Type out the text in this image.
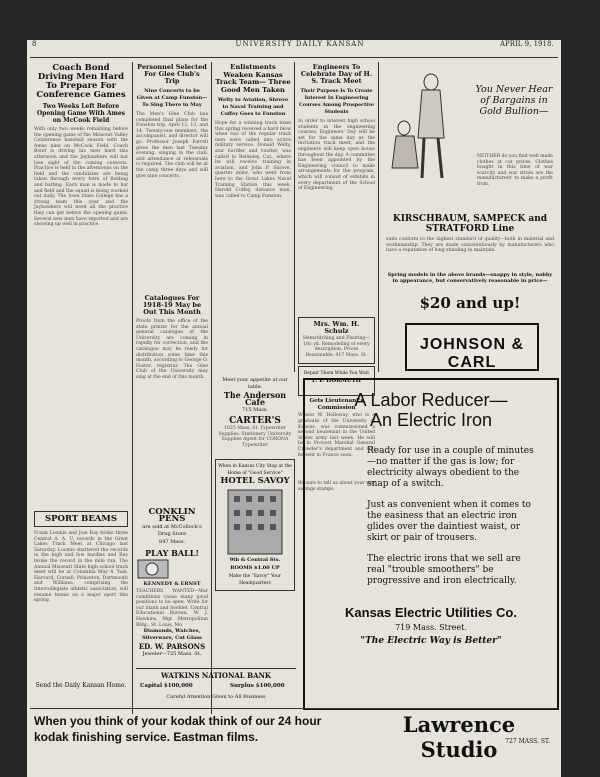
8	UNIVERSITY DAILY KANSAN	APRIL 9, 1918.
Coach Bond Driving Men Hard To Prepare For Conference Games
Two Weeks Left Before Opening Game With Ames on McCook Field
With only two weeks remaining before the opening game of the Missouri Valley Conference baseball season with the Ames nine on McCook Field, Coach Bond is driving his men hard this afternoon and the Jayhawkers will not lose sight of the coming contests. Practice is held in the afternoons on the field and the candidates are being taken through every form of fielding and batting. Each man is made to bat and field and the squad is being worked out daily. The Iowa State College has a strong team this year and the Jayhawkers will need all the practice they can get before the opening game. Several new men have reported and are showing up well in practice.
SPORT BEAMS
Frank Loomis and Joie Ray broke three Central A. A. U. records in the Great Lakes Track Meet at Chicago last Saturday. Loomis shattered the records in the high and low hurdles and Ray broke the record in the mile run. The Annual Missouri State high school track meet will be at Columbia May 4. Yale, Harvard, Cornell, Princeton, Dartmouth and Williams, comprising the Intercollegiate athletic association, will resume tennis on a major sport this spring.
Send the Daily Kansan Home.
Personnel Selected For Glee Club's Trip
Nine Concerts to be Given at Camp Funston—To Sing There in May
The Men's Glee Club has completed final plans for the Funston trip, April 12, 13, and 14. Twenty-one members, the accompanist, and director will go. Professor Joseph Farrell gives the men last Tuesday evening, singing in the club, and attendance at rehearsals is required. The club will be at the camp three days and will give nine concerts.
Catalogues For 1918-19 May be Out This Month
Proofs from the office of the state printer for the annual general catalogue of the University are coming in rapidly for correction, and the catalogue may be ready for distribution some time this month, according to George O. Foster, registrar. The Glee Club of the University may sing at the end of this month.
Enlistments Weaken Kansas Track Team— Three Good Men Taken
Welty to Aviation, Shrove to Naval Training and Coffey Goes to Funston
Hope for a winning track team this spring received a hard blow when two of the regular track men were called into active military service. Donald Welty, star hurdler and vaulter, was called to Berkeley, Cal., where he will receive training in aviation, and John P. Shrove, quarter miler, who went from here to the Great Lakes Naval Training Station this week. Harold Coffey, distance man, was called to Camp Funston.
Engineers To Celebrate Day of H. S. Track Meet
Their Purpose Is To Create Interest In Engineering Courses Among Prospective Students
In order to interest high school students in the engineering courses, Engineers' Day will be set for the same day as the invitation track meet, and the engineers will keep open house throughout the day. A committee has been appointed by the Engineering council to make arrangements for the program, which will consist of exhibits in every department of the School of Engineering.
Mrs. Wm. H. Schulz
Hemstitching and Pleating—10c yd. Remodeling of every description. Prices Reasonable. 917 Mass. St.
Repair Them While You Wait
F. P. HORMUTH
Gets Lieutenant's Commission
Winsor W. Holloway, who is a graduate of the University of Kansas, was commissioned a second lieutenant in the United States army last week. He will be in Provost Marshal General Crowder's department and will be sent to France soon.
Be sure to tell us about your war savings stamps.
You Never Hear of Bargains in Gold Bullion—
NEITHER do you find well made clothes at cut prices. Clothes bought in this time of war scarcity and war strain are the manufacturers' to make a profit from.
KIRSCHBAUM, SAMPECK and STRATFORD Line
suits conform to the highest standard of quality—both in material and workmanship. They are made conscientiously by manufacturers who have a reputation of long standing to maintain.
Spring models in the above brands—snappy in style, nobby in appearance, but conservatively reasonable in price—
$20 and up!
JOHNSON & CARL
A Labor Reducer—
An Electric Iron
Ready for use in a couple of minutes—no matter if the gas is low; for electricity always obedient to the snap of a switch.
Just as convenient when it comes to the easiness that an electric iron glides over the daintiest waist, or skirt or pair of trousers.
The electric irons that we sell are real "trouble smoothers" be progressive and iron electrically.
Kansas Electric Utilities Co.
719 Mass. Street.
"The Electric Way is Better"
CONKLIN PENS
are sold at McColloch's Drug Store
847 Mass.
PLAY BALL!
KENNEDY & ERNST
TEACHERS WANTED—War conditions cause many good positions to be open. Write for our blank and booklet. Central Educational Bureau, W. J. Hawkins, Mgr. Metropolitan Bldg., St. Louis, Mo.
Diamonds, Watches, Silverware, Cut Glass
ED. W. PARSONS
Jeweler—725 Mass. St.
Meet your appetite at our table.
The Anderson Cafe
715 Mass.
CARTER'S
1025 Mass. St. Typewriter Supplies. Stationery University Supplies Agent for CORONA Typewriter
When in Kansas City Stop at the Home of "Good Service"
HOTEL SAVOY
9th & Central Sts.
ROOMS $1.00 UP
Make the "Savoy" Your Headquarters
WATKINS NATIONAL BANK
Capital $100,000	Surplus $100,000
Careful Attention Given to All Business
When you think of your kodak think of our 24 hour kodak finishing service. Eastman films.	Lawrence Studio	727 MASS. ST.
